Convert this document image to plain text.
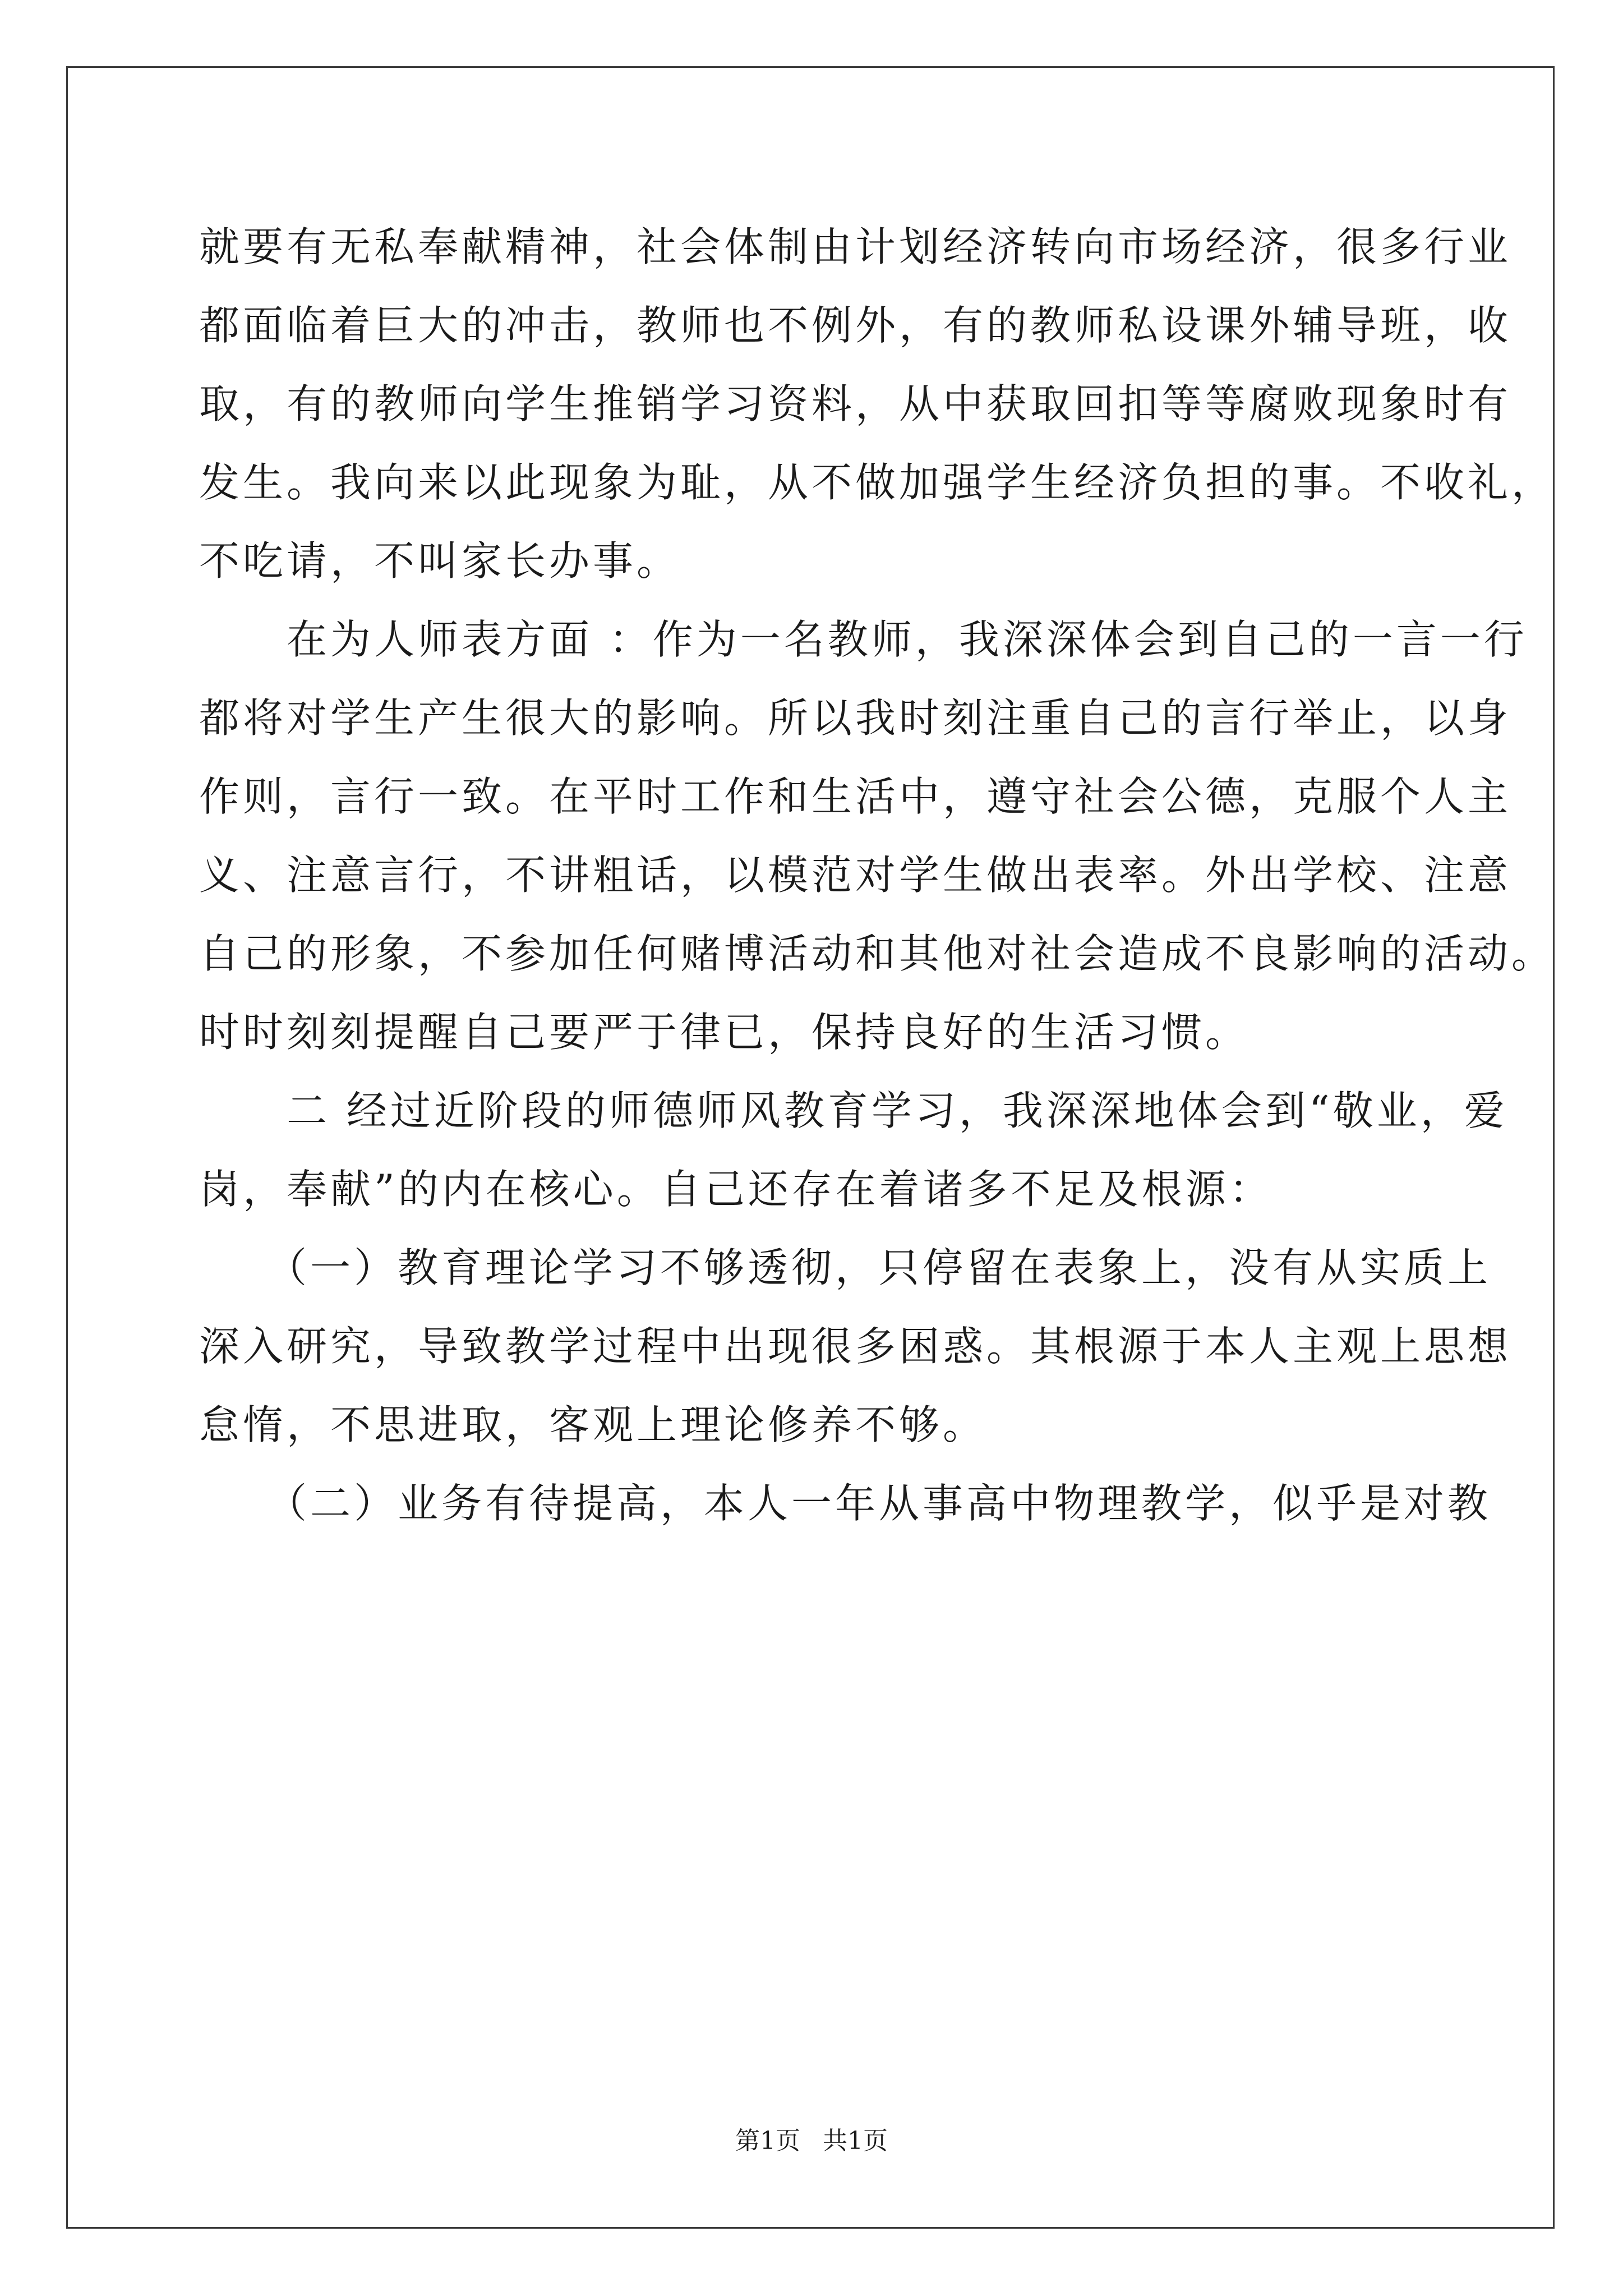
就要有无私奉献精神，社会体制由计划经济转向市场经济，很多行业
都面临着巨大的冲击，教师也不例外，有的教师私设课外辅导班，收
取，有的教师向学生推销学习资料，从中获取回扣等等腐败现象时有
发生。我向来以此现象为耻，从不做加强学生经济负担的事。不收礼，
不吃请，不叫家长办事。
　　在为人师表方面 ：作为一名教师，我深深体会到自己的一言一行
都将对学生产生很大的影响。所以我时刻注重自己的言行举止，以身
作则，言行一致。在平时工作和生活中，遵守社会公德，克服个人主
义、注意言行，不讲粗话，以模范对学生做出表率。外出学校、注意
自己的形象，不参加任何赌博活动和其他对社会造成不良影响的活动。
时时刻刻提醒自己要严于律已，保持良好的生活习惯。
　　二 经过近阶段的师德师风教育学习，我深深地体会到“敬业，爱
岗，奉献”的内在核心。自己还存在着诸多不足及根源：
　　（一）教育理论学习不够透彻，只停留在表象上，没有从实质上
深入研究，导致教学过程中出现很多困惑。其根源于本人主观上思想
怠惰，不思进取，客观上理论修养不够。
　　（二）业务有待提高，本人一年从事高中物理教学，似乎是对教
第1页 共1页
